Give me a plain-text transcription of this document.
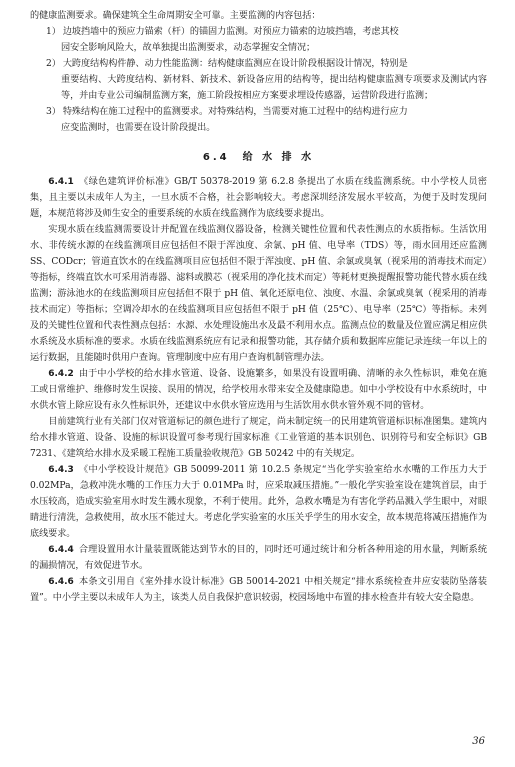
的健康监测要求。确保建筑全生命周期安全可靠。主要监测的内容包括：

1） 边坡挡墙中的预应力锚索（杆）的锚固力监测。对预应力锚索的边坡挡墙，考虑其校
园安全影响风险大，故单独提出监测要求，动态掌握安全情况；

2） 大跨度结构构件静、动力性能监测：结构健康监测应在设计阶段根据设计情况，特别是
重要结构、大跨度结构、新材料、新技术、新设备应用的结构等，提出结构健康监测专项要求及测试内容等，并由专业公司编制监测方案，施工阶段按相应方案要求埋设传感器，运营阶段进行监测；

3） 特殊结构在施工过程中的监测要求。对特殊结构，当需要对施工过程中的结构进行应力
应变监测时，也需要在设计阶段提出。

6.4　给 水 排 水

6.4.1 《绿色建筑评价标准》GB/T 50378-2019 第 6.2.8 条提出了水质在线监测系统。中小学校人员密集，且主要以未成年人为主，一旦水质不合格，社会影响较大。考虑深圳经济发展水平较高，为便于及时发现问题，本规范将涉及师生安全的重要系统的水质在线监测作为底线要求提出。

实现水质在线监测需要设计并配置在线监测仪器设备，检测关键性位置和代表性测点的水质指标。生活饮用水、非传统水源的在线监测项目应包括但不限于浑浊度、余氯、pH 值、电导率（TDS）等，雨水回用还应监测 SS、CODcr；管道直饮水的在线监测项目应包括但不限于浑浊度、pH 值、余氯或臭氧（视采用的消毒技术而定）等指标，终端直饮水可采用消毒器、滤料或膜芯（视采用的净化技术而定）等耗材更换提醒报警功能代替水质在线监测；游泳池水的在线监测项目应包括但不限于 pH 值、氧化还原电位、浊度、水温、余氯或臭氧（视采用的消毒技术而定）等指标；空调冷却水的在线监测项目应包括但不限于 pH 值（25℃）、电导率（25℃）等指标。未列及的关键性位置和代表性测点包括：水源、水处理设施出水及最不利用水点。监测点位的数量及位置应满足相应供水系统及水质标准的要求。水质在线监测系统应有记录和报警功能，其存储介质和数据库应能记录连续一年以上的运行数据，且能随时供用户查询。管理制度中应有用户查询机制管理办法。

6.4.2 由于中小学校的给水排水管道、设备、设施繁多，如果没有设置明确、清晰的永久性标识，难免在施工或日常维护、维修时发生误接、误用的情况，给学校用水带来安全及健康隐患。如中小学校设有中水系统时，中水供水管上除应设有永久性标识外，还建议中水供水管应选用与生活饮用水供水管外观不同的管材。

目前建筑行业有关部门仅对管道标记的颜色进行了规定，尚未制定统一的民用建筑管道标识标准图集。建筑内给水排水管道、设备、设施的标识设置可参考现行国家标准《工业管道的基本识别色、识别符号和安全标识》GB 7231、《建筑给水排水及采暖工程施工质量验收规范》GB 50242 中的有关规定。

6.4.3 《中小学校设计规范》GB 50099-2011 第 10.2.5 条规定“当化学实验室给水水嘴的工作压力大于 0.02MPa，急救冲洗水嘴的工作压力大于 0.01MPa 时，应采取减压措施。”一般化学实验室设在建筑首层，由于水压较高，造成实验室用水时发生溅水现象，不利于使用。此外，急救水嘴是为有害化学药品溅入学生眼中，对眼睛进行清洗，急救使用，故水压不能过大。考虑化学实验室的水压关乎学生的用水安全，故本规范将减压措施作为底线要求。

6.4.4 合理设置用水计量装置既能达到节水的目的，同时还可通过统计和分析各种用途的用水量，判断系统的漏损情况，有效促进节水。

6.4.6 本条文引用自《室外排水设计标准》GB 50014-2021 中相关规定“排水系统检查井应安装防坠落装置”。中小学主要以未成年人为主，该类人员自我保护意识较弱，校园场地中布置的排水检查井有较大安全隐患。

36
